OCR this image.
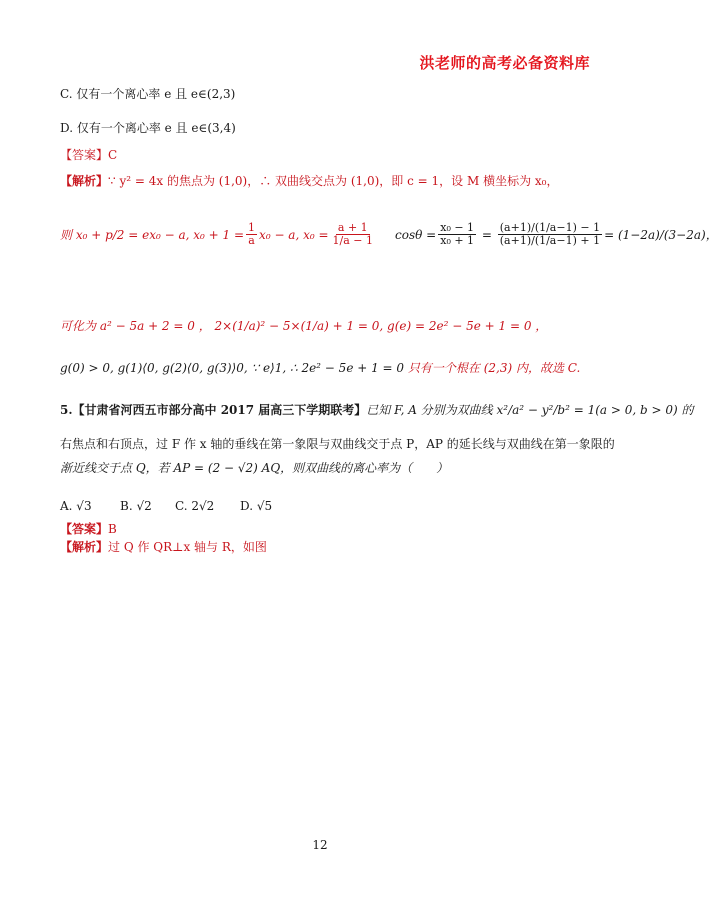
洪老师的高考必备资料库
C. 仅有一个离心率 e 且 e∈(2,3)
D. 仅有一个离心率 e 且 e∈(3,4)
【答案】C
【解析】∵ y² = 4x 的焦点为 (1,0)，∴ 双曲线交点为 (1,0)，即 c = 1，设 M 横坐标为 x₀，
则 x₀ + p/2 = ex₀ − a, $x_0 + 1 = \frac{1}{a} x_0 - a$, $x_0 = \frac{a + 1}{1/a - 1}$ $\cos\theta = \frac{\text{x₀ − 1}}{\text{x₀ + 1}} = \frac{(a+1)/(1/a-1) - 1}{(a+1)/(1/a-1) + 1} = (1-2a)/(3-2a)$，
可化为 a² − 5a + 2 = 0 ， 2×(1/a)² − 5×(1/a) + 1 = 0, g(e) = 2e² − 5e + 1 = 0 ，
g(0) > 0, g(1)⟨0, g(2)⟨0, g(3)⟩0, ∵ e⟩1, ∴ 2e² − 5e + 1 = 0 只有一个根在 (2,3) 内，故选 C.
5.【甘肃省河西五市部分高中 2017 届高三下学期联考】已知 F, A 分别为双曲线 x²/a² − y²/b² = 1(a > 0, b > 0) 的
右焦点和右顶点，过 F 作 x 轴的垂线在第一象限与双曲线交于点 P，AP 的延长线与双曲线在第一象限的
渐近线交于点 Q，若 AP = (2 − √2) AQ，则双曲线的离心率为（　　）
A. √3 B. √2 C. 2√2 D. √5
【答案】B
【解析】过 Q 作 QR⊥x 轴与 R，如图
12
